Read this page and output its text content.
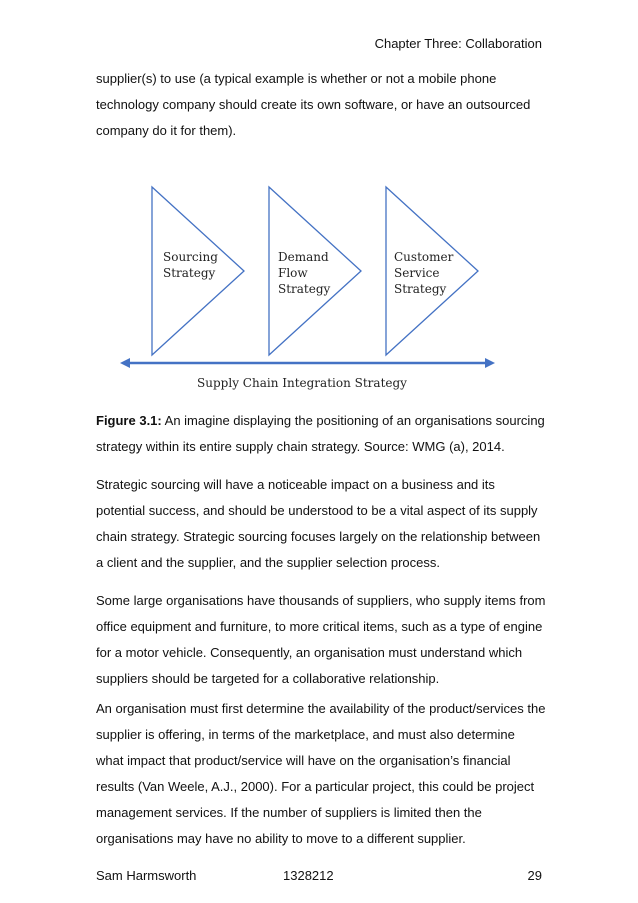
Chapter Three: Collaboration

supplier(s) to use (a typical example is whether or not a mobile phone
technology company should create its own software, or have an outsourced
company do it for them).

Sourcing
Strategy
Demand
Flow
Strategy
Customer
Service
Strategy
Supply Chain Integration Strategy

Figure 3.1: An imagine displaying the positioning of an organisations sourcing
strategy within its entire supply chain strategy. Source: WMG (a), 2014.

Strategic sourcing will have a noticeable impact on a business and its
potential success, and should be understood to be a vital aspect of its supply
chain strategy. Strategic sourcing focuses largely on the relationship between
a client and the supplier, and the supplier selection process.

Some large organisations have thousands of suppliers, who supply items from
office equipment and furniture, to more critical items, such as a type of engine
for a motor vehicle. Consequently, an organisation must understand which
suppliers should be targeted for a collaborative relationship.

An organisation must first determine the availability of the product/services the
supplier is offering, in terms of the marketplace, and must also determine
what impact that product/service will have on the organisation’s financial
results (Van Weele, A.J., 2000). For a particular project, this could be project
management services. If the number of suppliers is limited then the
organisations may have no ability to move to a different supplier.

Sam Harmsworth	1328212	29
